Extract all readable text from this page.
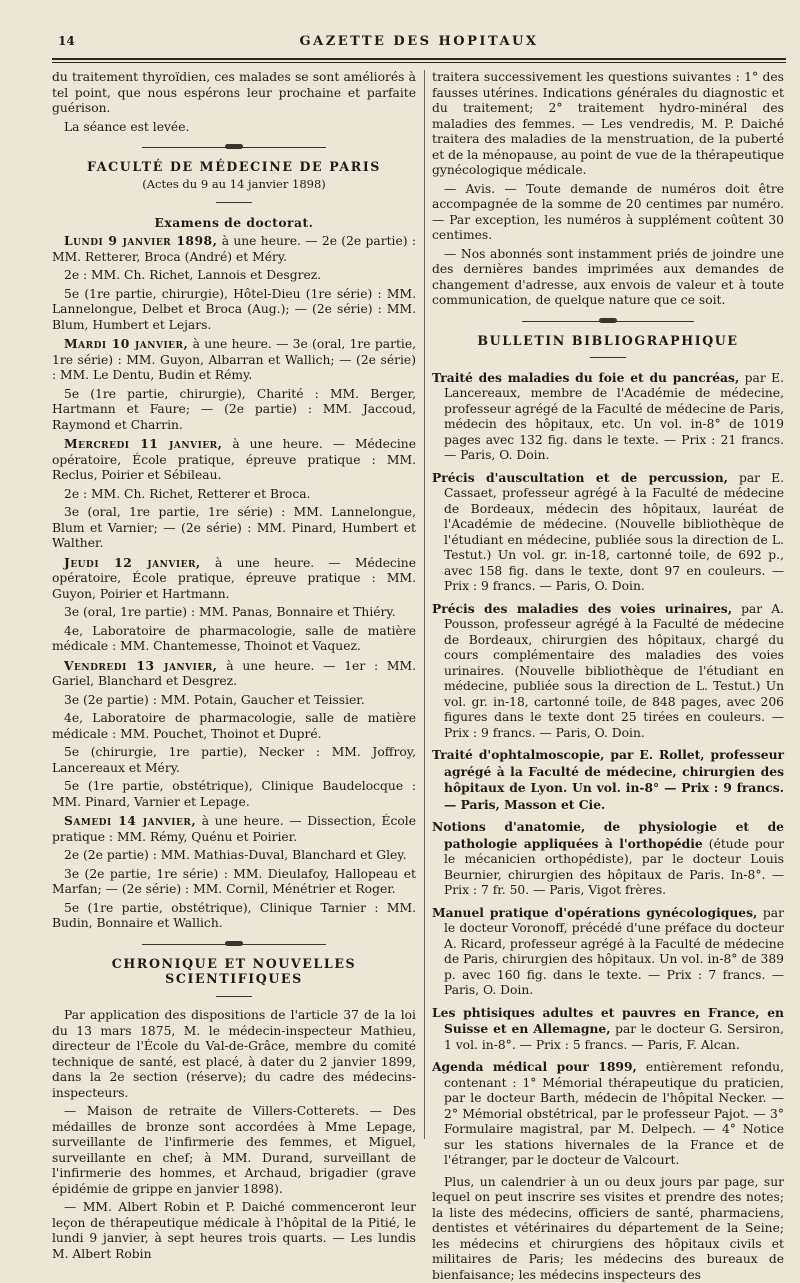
14	GAZETTE DES HOPITAUX

du traitement thyroïdien, ces malades se sont améliorés à tel point, que nous espérons leur prochaine et parfaite guérison.

La séance est levée.

FACULTÉ DE MÉDECINE DE PARIS
(Actes du 9 au 14 janvier 1898)
Examens de doctorat.

Lundi 9 janvier 1898, à une heure. — 2e (2e partie) : MM. Retterer, Broca (André) et Méry.

2e : MM. Ch. Richet, Lannois et Desgrez.

5e (1re partie, chirurgie), Hôtel-Dieu (1re série) : MM. Lannelongue, Delbet et Broca (Aug.); — (2e série) : MM. Blum, Humbert et Lejars.

Mardi 10 janvier, à une heure. — 3e (oral, 1re partie, 1re série) : MM. Guyon, Albarran et Wallich; — (2e série) : MM. Le Dentu, Budin et Rémy.

5e (1re partie, chirurgie), Charité : MM. Berger, Hartmann et Faure; — (2e partie) : MM. Jaccoud, Raymond et Charrin.

Mercredi 11 janvier, à une heure. — Médecine opératoire, École pratique, épreuve pratique : MM. Reclus, Poirier et Sébileau.

2e : MM. Ch. Richet, Retterer et Broca.

3e (oral, 1re partie, 1re série) : MM. Lannelongue, Blum et Varnier; — (2e série) : MM. Pinard, Humbert et Walther.

Jeudi 12 janvier, à une heure. — Médecine opératoire, École pratique, épreuve pratique : MM. Guyon, Poirier et Hartmann.

3e (oral, 1re partie) : MM. Panas, Bonnaire et Thiéry.

4e, Laboratoire de pharmacologie, salle de matière médicale : MM. Chantemesse, Thoinot et Vaquez.

Vendredi 13 janvier, à une heure. — 1er : MM. Gariel, Blanchard et Desgrez.

3e (2e partie) : MM. Potain, Gaucher et Teissier.

4e, Laboratoire de pharmacologie, salle de matière médicale : MM. Pouchet, Thoinot et Dupré.

5e (chirurgie, 1re partie), Necker : MM. Joffroy, Lancereaux et Méry.

5e (1re partie, obstétrique), Clinique Baudelocque : MM. Pinard, Varnier et Lepage.

Samedi 14 janvier, à une heure. — Dissection, École pratique : MM. Rémy, Quénu et Poirier.

2e (2e partie) : MM. Mathias-Duval, Blanchard et Gley.

3e (2e partie, 1re série) : MM. Dieulafoy, Hallopeau et Marfan; — (2e série) : MM. Cornil, Ménétrier et Roger.

5e (1re partie, obstétrique), Clinique Tarnier : MM. Budin, Bonnaire et Wallich.

CHRONIQUE ET NOUVELLES SCIENTIFIQUES

Par application des dispositions de l'article 37 de la loi du 13 mars 1875, M. le médecin-inspecteur Mathieu, directeur de l'École du Val-de-Grâce, membre du comité technique de santé, est placé, à dater du 2 janvier 1899, dans la 2e section (réserve); du cadre des médecins-inspecteurs.

— Maison de retraite de Villers-Cotterets. — Des médailles de bronze sont accordées à Mme Lepage, surveillante de l'infirmerie des femmes, et Miguel, surveillante en chef; à MM. Durand, surveillant de l'infirmerie des hommes, et Archaud, brigadier (grave épidémie de grippe en janvier 1898).

— MM. Albert Robin et P. Daiché commenceront leur leçon de thérapeutique médicale à l'hôpital de la Pitié, le lundi 9 janvier, à sept heures trois quarts. — Les lundis M. Albert Robin

traitera successivement les questions suivantes : 1° des fausses utérines. Indications générales du diagnostic et du traitement; 2° traitement hydro-minéral des maladies des femmes. — Les vendredis, M. P. Daiché traitera des maladies de la menstruation, de la puberté et de la ménopause, au point de vue de la thérapeutique gynécologique médicale.

— Avis. — Toute demande de numéros doit être accompagnée de la somme de 20 centimes par numéro. — Par exception, les numéros à supplément coûtent 30 centimes.

— Nos abonnés sont instamment priés de joindre une des dernières bandes imprimées aux demandes de changement d'adresse, aux envois de valeur et à toute communication, de quelque nature que ce soit.

BULLETIN BIBLIOGRAPHIQUE

Traité des maladies du foie et du pancréas, par E. Lancereaux, membre de l'Académie de médecine, professeur agrégé de la Faculté de médecine de Paris, médecin des hôpitaux, etc. Un vol. in-8° de 1019 pages avec 132 fig. dans le texte. — Prix : 21 francs. — Paris, O. Doin.

Précis d'auscultation et de percussion, par E. Cassaet, professeur agrégé à la Faculté de médecine de Bordeaux, médecin des hôpitaux, lauréat de l'Académie de médecine. (Nouvelle bibliothèque de l'étudiant en médecine, publiée sous la direction de L. Testut.) Un vol. gr. in-18, cartonné toile, de 692 p., avec 158 fig. dans le texte, dont 97 en couleurs. — Prix : 9 francs. — Paris, O. Doin.

Précis des maladies des voies urinaires, par A. Pousson, professeur agrégé à la Faculté de médecine de Bordeaux, chirurgien des hôpitaux, chargé du cours complémentaire des maladies des voies urinaires. (Nouvelle bibliothèque de l'étudiant en médecine, publiée sous la direction de L. Testut.) Un vol. gr. in-18, cartonné toile, de 848 pages, avec 206 figures dans le texte dont 25 tirées en couleurs. — Prix : 9 francs. — Paris, O. Doin.

Traité d'ophtalmoscopie, par E. Rollet, professeur agrégé à la Faculté de médecine, chirurgien des hôpitaux de Lyon. Un vol. in-8° — Prix : 9 francs. — Paris, Masson et Cie.

Notions d'anatomie, de physiologie et de pathologie appliquées à l'orthopédie (étude pour le mécanicien orthopédiste), par le docteur Louis Beurnier, chirurgien des hôpitaux de Paris. In-8°. — Prix : 7 fr. 50. — Paris, Vigot frères.

Manuel pratique d'opérations gynécologiques, par le docteur Voronoff, précédé d'une préface du docteur A. Ricard, professeur agrégé à la Faculté de médecine de Paris, chirurgien des hôpitaux. Un vol. in-8° de 389 p. avec 160 fig. dans le texte. — Prix : 7 francs. — Paris, O. Doin.

Les phtisiques adultes et pauvres en France, en Suisse et en Allemagne, par le docteur G. Sersiron, 1 vol. in-8°. — Prix : 5 francs. — Paris, F. Alcan.

Agenda médical pour 1899, entièrement refondu, contenant : 1° Mémorial thérapeutique du praticien, par le docteur Barth, médecin de l'hôpital Necker. — 2° Mémorial obstétrical, par le professeur Pajot. — 3° Formulaire magistral, par M. Delpech. — 4° Notice sur les stations hivernales de la France et de l'étranger, par le docteur de Valcourt.

Plus, un calendrier à un ou deux jours par page, sur lequel on peut inscrire ses visites et prendre des notes; la liste des médecins, officiers de santé, pharmaciens, dentistes et vétérinaires du département de la Seine; les médecins et chirurgiens des hôpitaux civils et militaires de Paris; les médecins des bureaux de bienfaisance; les médecins inspecteurs des
